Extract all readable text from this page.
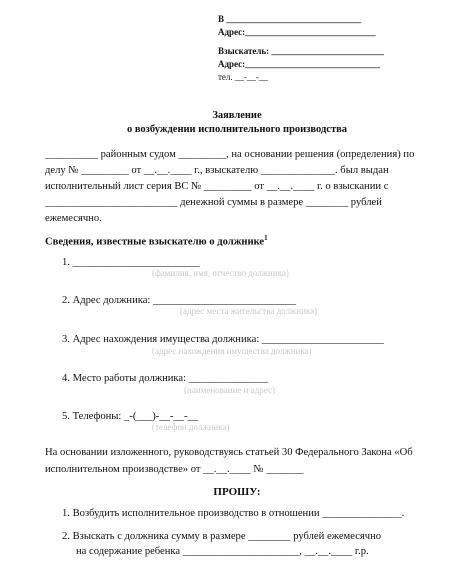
В ______________________________
Адрес:_____________________________
Взыскатель: _________________________
Адрес:______________________________
тел. __-__-__
Заявление
о возбуждении исполнительного производства
__________ районным судом _________, на основании решения (определения) по
делу № _________ от __.__.____ г., взыскателю ______________. был выдан
исполнительный лист серия ВС № _________ от __.__.____ г. о взыскании с
_________________________ денежной суммы в размере ________ рублей
ежемесячно.
Сведения, известные взыскателю о должнике$^1$
1. ________________________
(фамилия, имя, отчество должника)
2. Адрес должника: ___________________________
(адрес места жительства должника)
3. Адрес нахождения имущества должника: _______________________
(адрес нахождения имущества должника)
4. Место работы должника: _______________
(наименование и адрес)
5. Телефоны: _-(___)-__-__-__
(телефон должника)
На основании изложенного, руководствуясь статьей 30 Федерального Закона «Об
исполнительном производстве» от __.__.____ № _______
ПРОШУ:
1. Возбудить исполнительное производство в отношении _______________.
2. Взыскать с должника сумму в размере ________ рублей ежемесячно
на содержание ребенка ______________________, __.__.____ г.р.
